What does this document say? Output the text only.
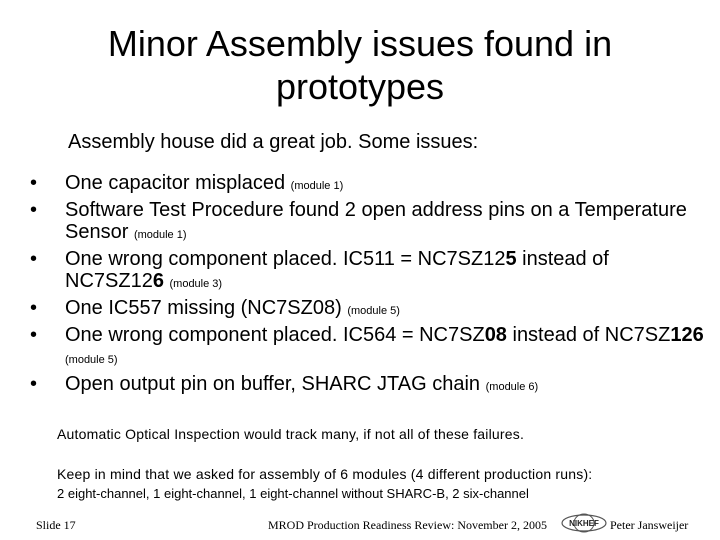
Minor Assembly issues found in
prototypes
Assembly house did a great job. Some issues:
• One capacitor misplaced (module 1)
• Software Test Procedure found 2 open address pins on a Temperature Sensor (module 1)
• One wrong component placed. IC511 = NC7SZ125 instead of NC7SZ126 (module 3)
• One IC557 missing (NC7SZ08) (module 5)
• One wrong component placed. IC564 = NC7SZ08 instead of NC7SZ126 (module 5)
• Open output pin on buffer, SHARC JTAG chain (module 6)
Automatic Optical Inspection would track many, if not all of these failures.
Keep in mind that we asked for assembly of 6 modules (4 different production runs):
2 eight-channel, 1 eight-channel, 1 eight-channel without SHARC-B, 2 six-channel
Slide 17	MROD Production Readiness Review: November 2, 2005	NIKHEF Peter Jansweijer
